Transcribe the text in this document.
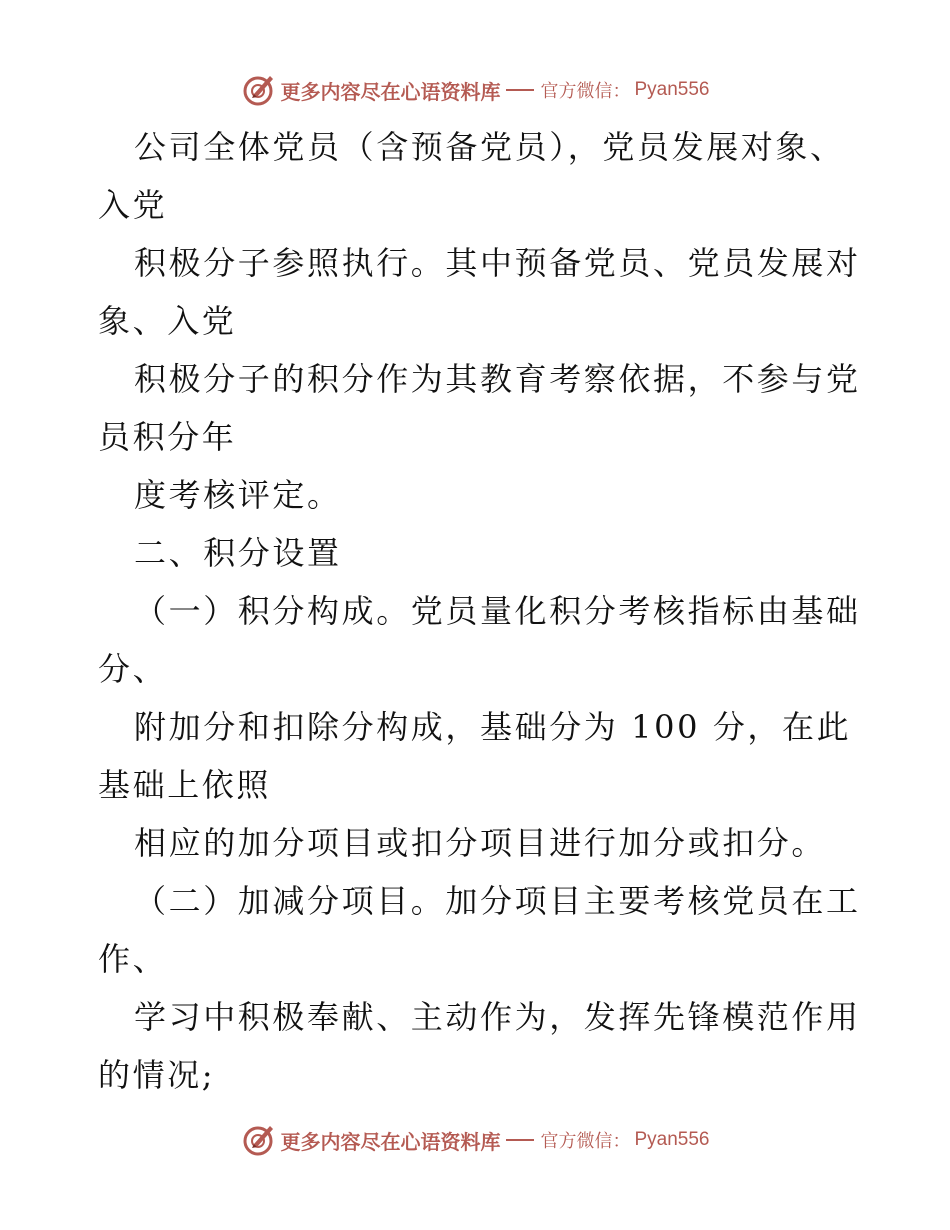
更多内容尽在心语资料库 官方微信： Pyan556
公司全体党员（含预备党员），党员发展对象、
入党
积极分子参照执行。其中预备党员、党员发展对
象、入党
积极分子的积分作为其教育考察依据，不参与党
员积分年
度考核评定。
二、积分设置
（一）积分构成。党员量化积分考核指标由基础
分、
附加分和扣除分构成，基础分为 100 分，在此
基础上依照
相应的加分项目或扣分项目进行加分或扣分。
（二）加减分项目。加分项目主要考核党员在工
作、
学习中积极奉献、主动作为，发挥先锋模范作用
的情况;
更多内容尽在心语资料库 官方微信： Pyan556
